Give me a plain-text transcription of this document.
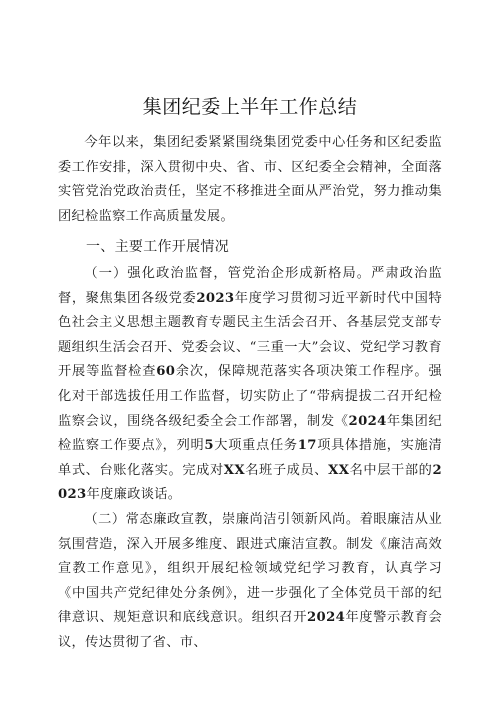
集团纪委上半年工作总结

今年以来，集团纪委紧紧围绕集团党委中心任务和区纪委监委工作安排，深入贯彻中央、省、市、区纪委全会精神，全面落实管党治党政治责任，坚定不移推进全面从严治党，努力推动集团纪检监察工作高质量发展。

一、主要工作开展情况

（一）强化政治监督，管党治企形成新格局。严肃政治监督，聚焦集团各级党委2023年度学习贯彻习近平新时代中国特色社会主义思想主题教育专题民主生活会召开、各基层党支部专题组织生活会召开、党委会议、“三重一大”会议、党纪学习教育开展等监督检查60余次，保障规范落实各项决策工作程序。强化对干部选拔任用工作监督，切实防止了“带病提拔二召开纪检监察会议，围绕各级纪委全会工作部署，制发《2024年集团纪检监察工作要点》，列明5大项重点任务17项具体措施，实施清单式、台账化落实。完成对XX名班子成员、XX名中层干部的2023年度廉政谈话。

（二）常态廉政宣教，崇廉尚洁引领新风尚。着眼廉洁从业氛围营造，深入开展多维度、跟进式廉洁宣教。制发《廉洁高效宣教工作意见》，组织开展纪检领域党纪学习教育，认真学习《中国共产党纪律处分条例》，进一步强化了全体党员干部的纪律意识、规矩意识和底线意识。组织召开2024年度警示教育会议，传达贯彻了省、市、
